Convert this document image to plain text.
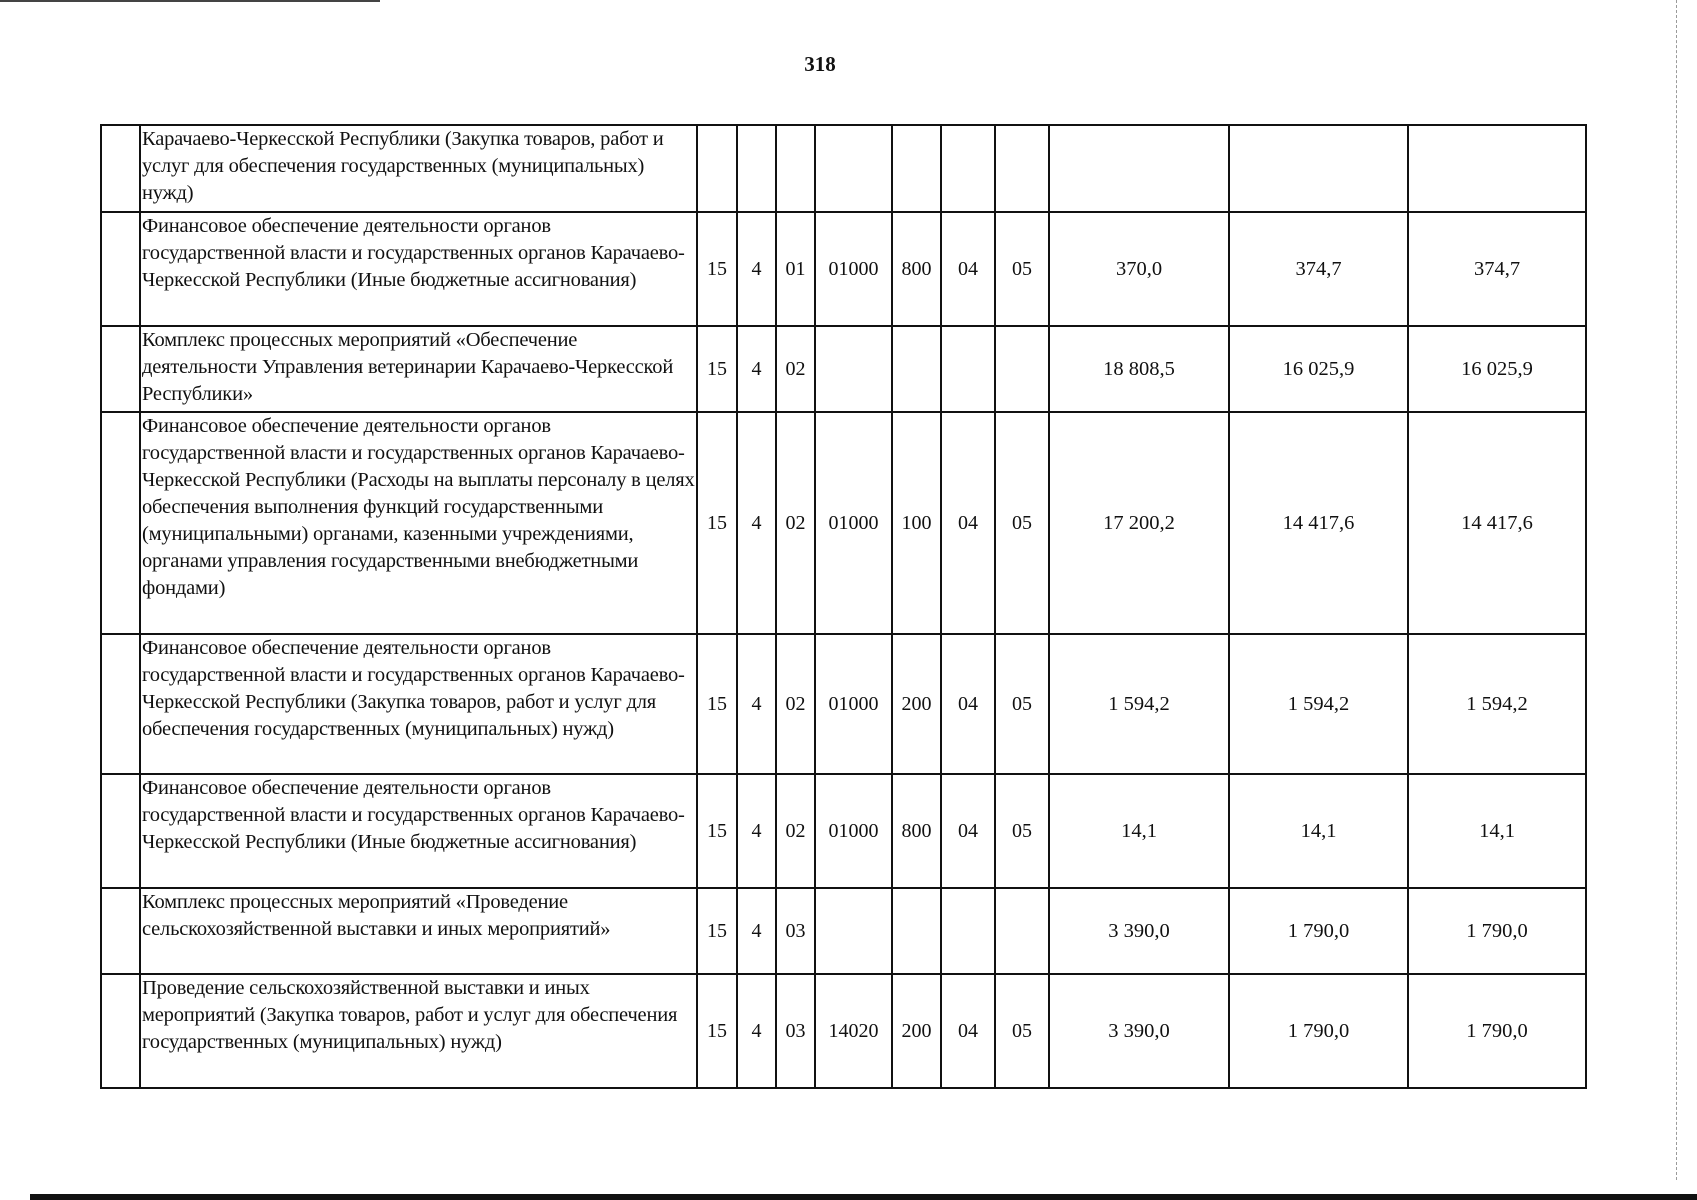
318
	Карачаево-Черкесской Республики (Закупка товаров, работ и услуг для обеспечения государственных (муниципальных) нужд)										
	Финансовое обеспечение деятельности органов государственной власти и государственных органов Карачаево-Черкесской Республики (Иные бюджетные ассигнования)	15	4	01	01000	800	04	05	370,0	374,7	374,7
	Комплекс процессных мероприятий «Обеспечение деятельности Управления ветеринарии Карачаево-Черкесской Республики»	15	4	02					18 808,5	16 025,9	16 025,9
	Финансовое обеспечение деятельности органов государственной власти и государственных органов Карачаево-Черкесской Республики (Расходы на выплаты персоналу в целях обеспечения выполнения функций государственными (муниципальными) органами, казенными учреждениями, органами управления государственными внебюджетными фондами)	15	4	02	01000	100	04	05	17 200,2	14 417,6	14 417,6
	Финансовое обеспечение деятельности органов государственной власти и государственных органов Карачаево-Черкесской Республики (Закупка товаров, работ и услуг для обеспечения государственных (муниципальных) нужд)	15	4	02	01000	200	04	05	1 594,2	1 594,2	1 594,2
	Финансовое обеспечение деятельности органов государственной власти и государственных органов Карачаево-Черкесской Республики (Иные бюджетные ассигнования)	15	4	02	01000	800	04	05	14,1	14,1	14,1
	Комплекс процессных мероприятий «Проведение сельскохозяйственной выставки и иных мероприятий»	15	4	03					3 390,0	1 790,0	1 790,0
	Проведение сельскохозяйственной выставки и иных мероприятий (Закупка товаров, работ и услуг для обеспечения государственных (муниципальных) нужд)	15	4	03	14020	200	04	05	3 390,0	1 790,0	1 790,0
